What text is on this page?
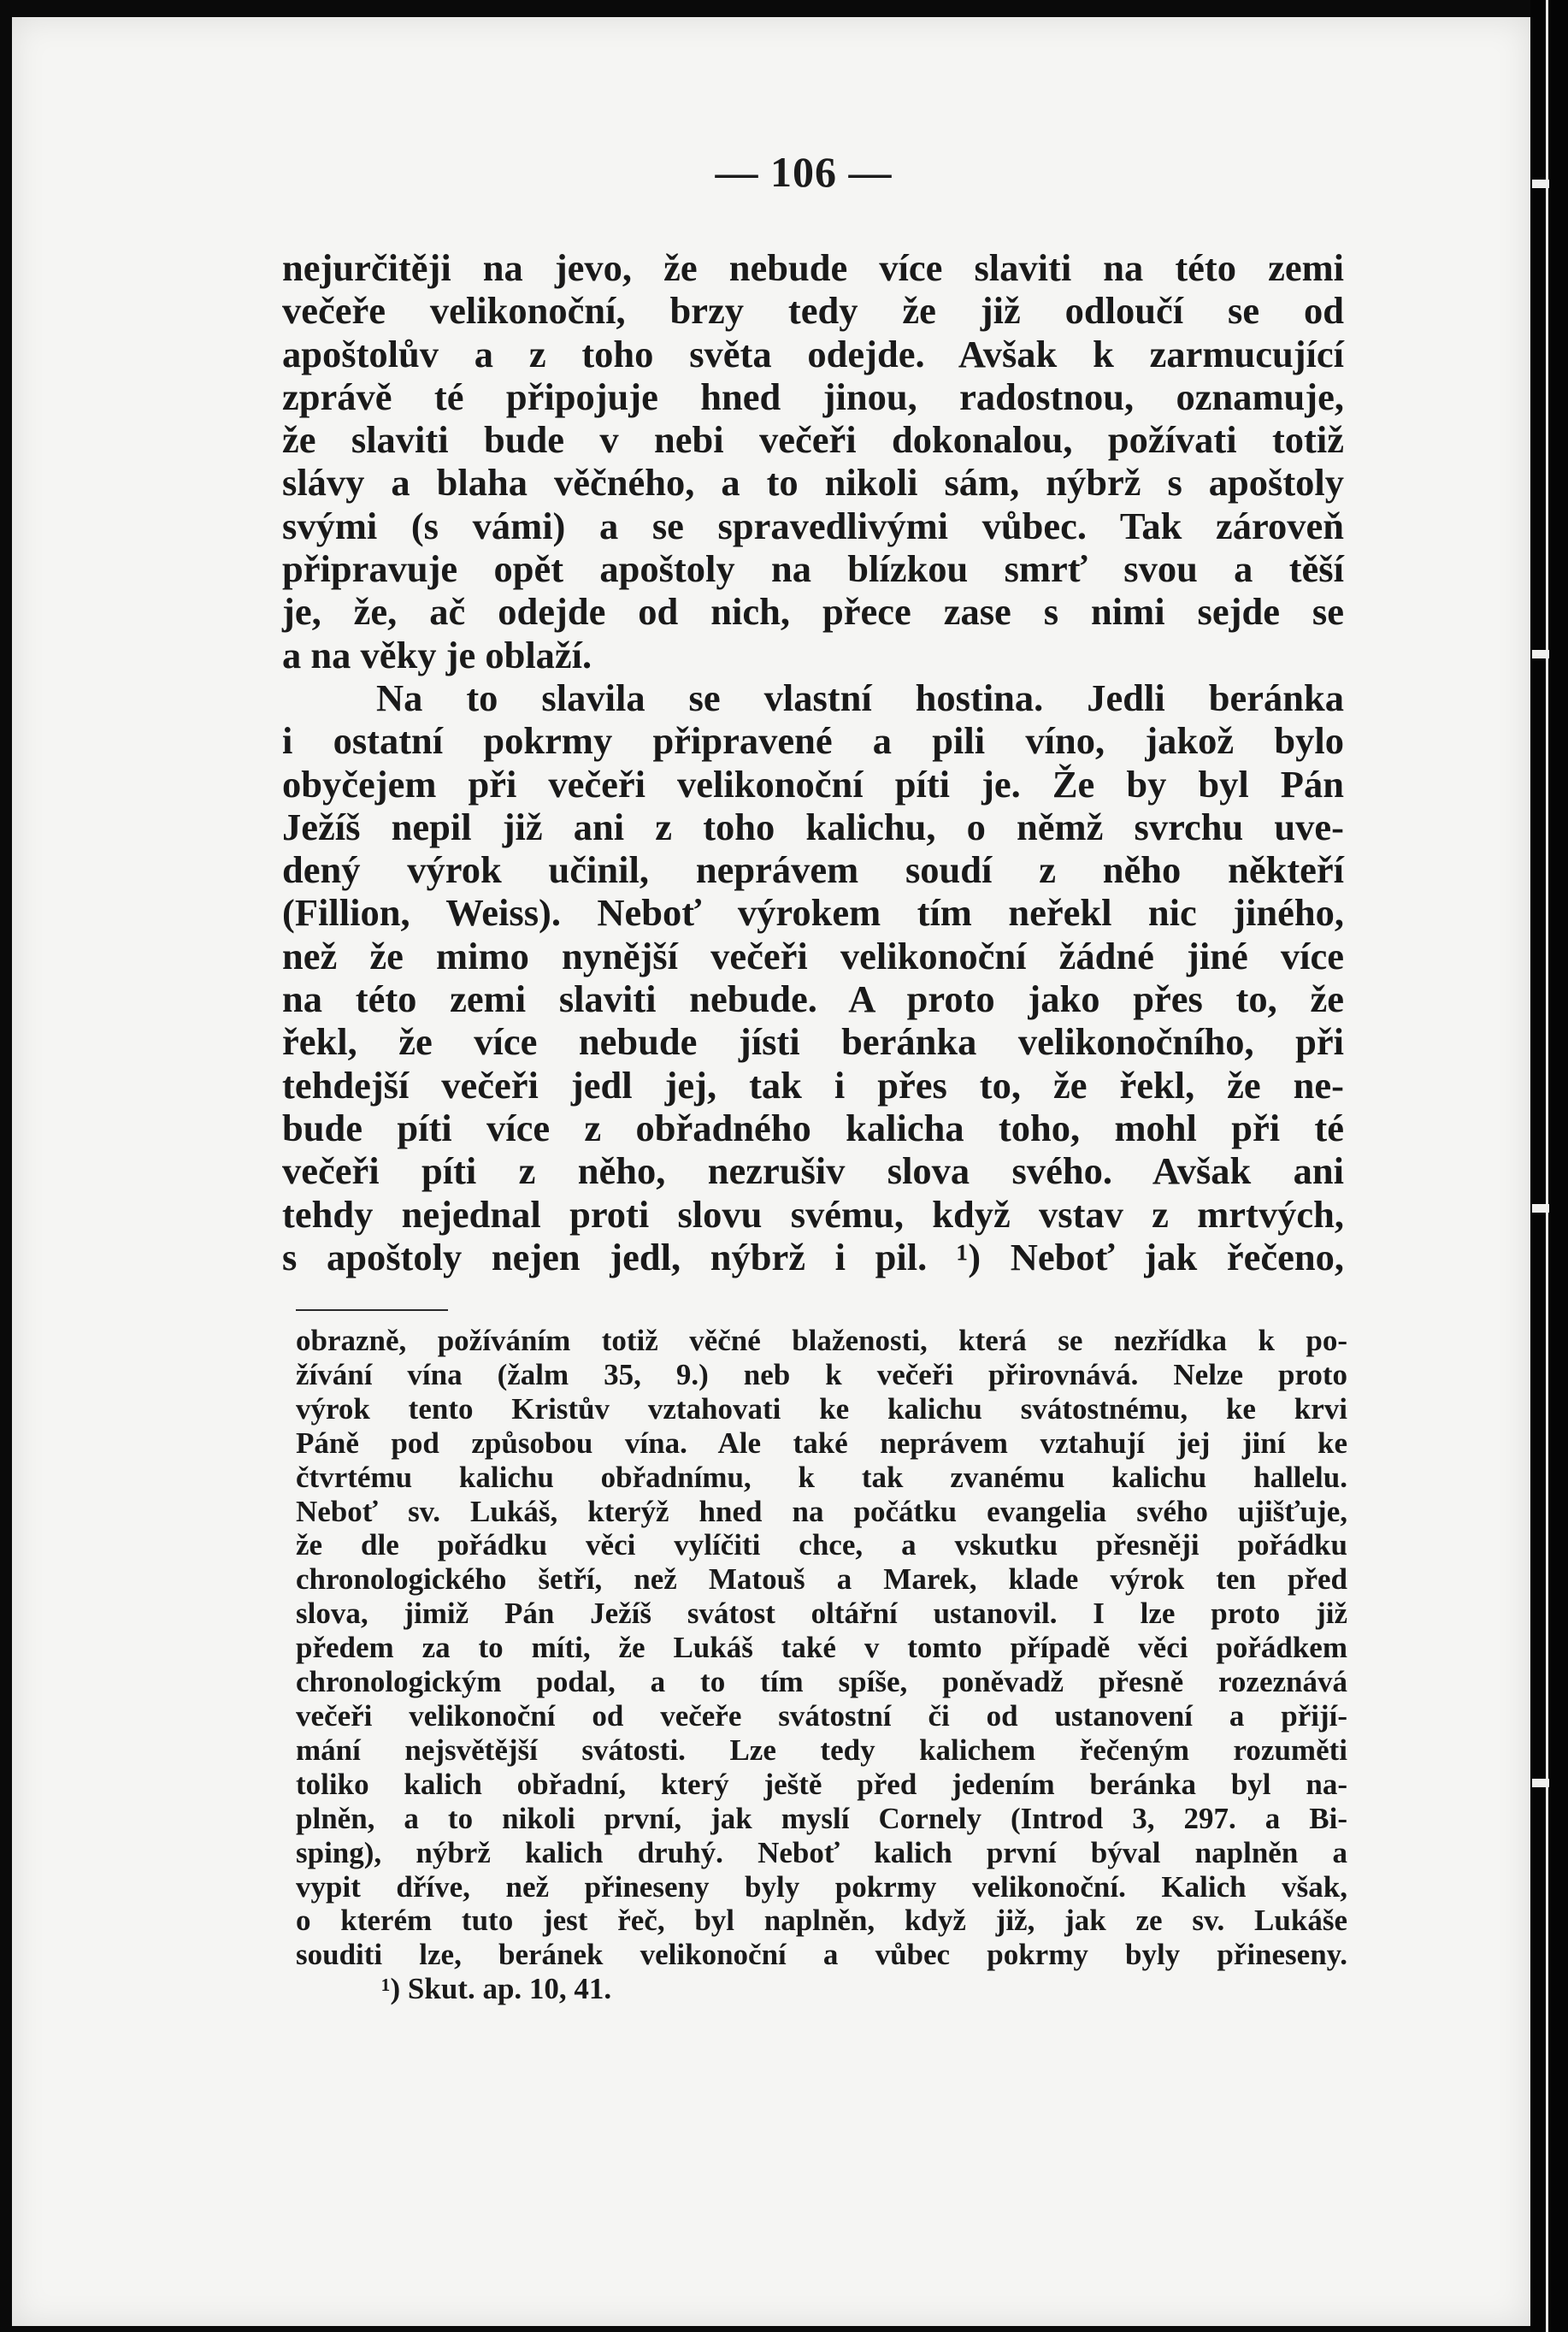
— 106 —
nejurčitěji na jevo, že nebude více slaviti na této zemi
večeře velikonoční, brzy tedy že již odloučí se od
apoštolův a z toho světa odejde. Avšak k zarmucující
zprávě té připojuje hned jinou, radostnou, oznamuje,
že slaviti bude v nebi večeři dokonalou, požívati totiž
slávy a blaha věčného, a to nikoli sám, nýbrž s apoštoly
svými (s vámi) a se spravedlivými vůbec. Tak zároveň
připravuje opět apoštoly na blízkou smrť svou a těší
je, že, ač odejde od nich, přece zase s nimi sejde se
a na věky je oblaží.
Na to slavila se vlastní hostina. Jedli beránka
i ostatní pokrmy připravené a pili víno, jakož bylo
obyčejem při večeři velikonoční píti je. Že by byl Pán
Ježíš nepil již ani z toho kalichu, o němž svrchu uve-
dený výrok učinil, neprávem soudí z něho někteří
(Fillion, Weiss). Neboť výrokem tím neřekl nic jiného,
než že mimo nynější večeři velikonoční žádné jiné více
na této zemi slaviti nebude. A proto jako přes to, že
řekl, že více nebude jísti beránka velikonočního, při
tehdejší večeři jedl jej, tak i přes to, že řekl, že ne-
bude píti více z obřadného kalicha toho, mohl při té
večeři píti z něho, nezrušiv slova svého. Avšak ani
tehdy nejednal proti slovu svému, když vstav z mrtvých,
s apoštoly nejen jedl, nýbrž i pil. ¹) Neboť jak řečeno,
obrazně, požíváním totiž věčné blaženosti, která se nezřídka k po-
žívání vína (žalm 35, 9.) neb k večeři přirovnává. Nelze proto
výrok tento Kristův vztahovati ke kalichu svátostnému, ke krvi
Páně pod způsobou vína. Ale také neprávem vztahují jej jiní ke
čtvrtému kalichu obřadnímu, k tak zvanému kalichu hallelu.
Neboť sv. Lukáš, kterýž hned na počátku evangelia svého ujišťuje,
že dle pořádku věci vylíčiti chce, a vskutku přesněji pořádku
chronologického šetří, než Matouš a Marek, klade výrok ten před
slova, jimiž Pán Ježíš svátost oltářní ustanovil. I lze proto již
předem za to míti, že Lukáš také v tomto případě věci pořádkem
chronologickým podal, a to tím spíše, poněvadž přesně rozeznává
večeři velikonoční od večeře svátostní či od ustanovení a přijí-
mání nejsvětější svátosti. Lze tedy kalichem řečeným rozuměti
toliko kalich obřadní, který ještě před jedením beránka byl na-
plněn, a to nikoli první, jak myslí Cornely (Introd 3, 297. a Bi-
sping), nýbrž kalich druhý. Neboť kalich první býval naplněn a
vypit dříve, než přineseny byly pokrmy velikonoční. Kalich však,
o kterém tuto jest řeč, byl naplněn, když již, jak ze sv. Lukáše
souditi lze, beránek velikonoční a vůbec pokrmy byly přineseny.
¹) Skut. ap. 10, 41.
